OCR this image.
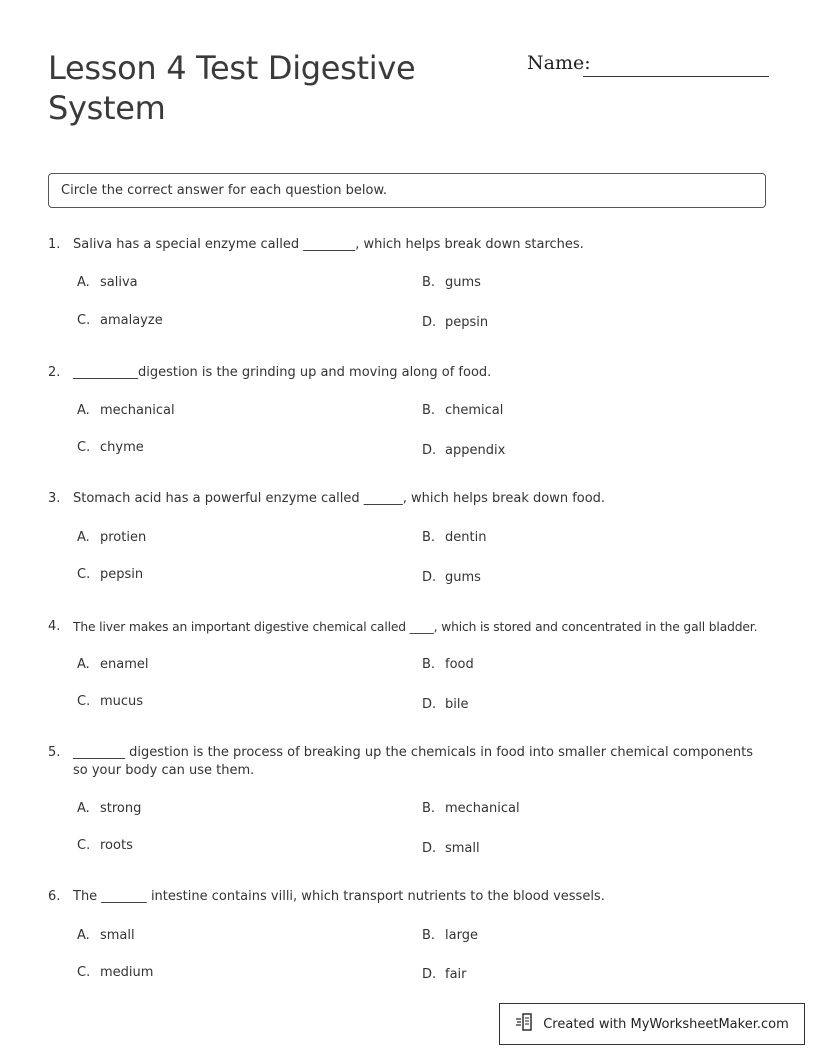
Lesson 4 Test Digestive System
Name:
Circle the correct answer for each question below.
1. Saliva has a special enzyme called ________, which helps break down starches.
A. saliva	B. gums
C. amalayze	D. pepsin
2. __________digestion is the grinding up and moving along of food.
A. mechanical	B. chemical
C. chyme	D. appendix
3. Stomach acid has a powerful enzyme called ______, which helps break down food.
A. protien	B. dentin
C. pepsin	D. gums
4. The liver makes an important digestive chemical called ____, which is stored and concentrated in the gall bladder.
A. enamel	B. food
C. mucus	D. bile
5. ________ digestion is the process of breaking up the chemicals in food into smaller chemical components so your body can use them.
A. strong	B. mechanical
C. roots	D. small
6. The _______ intestine contains villi, which transport nutrients to the blood vessels.
A. small	B. large
C. medium	D. fair
Created with MyWorksheetMaker.com
